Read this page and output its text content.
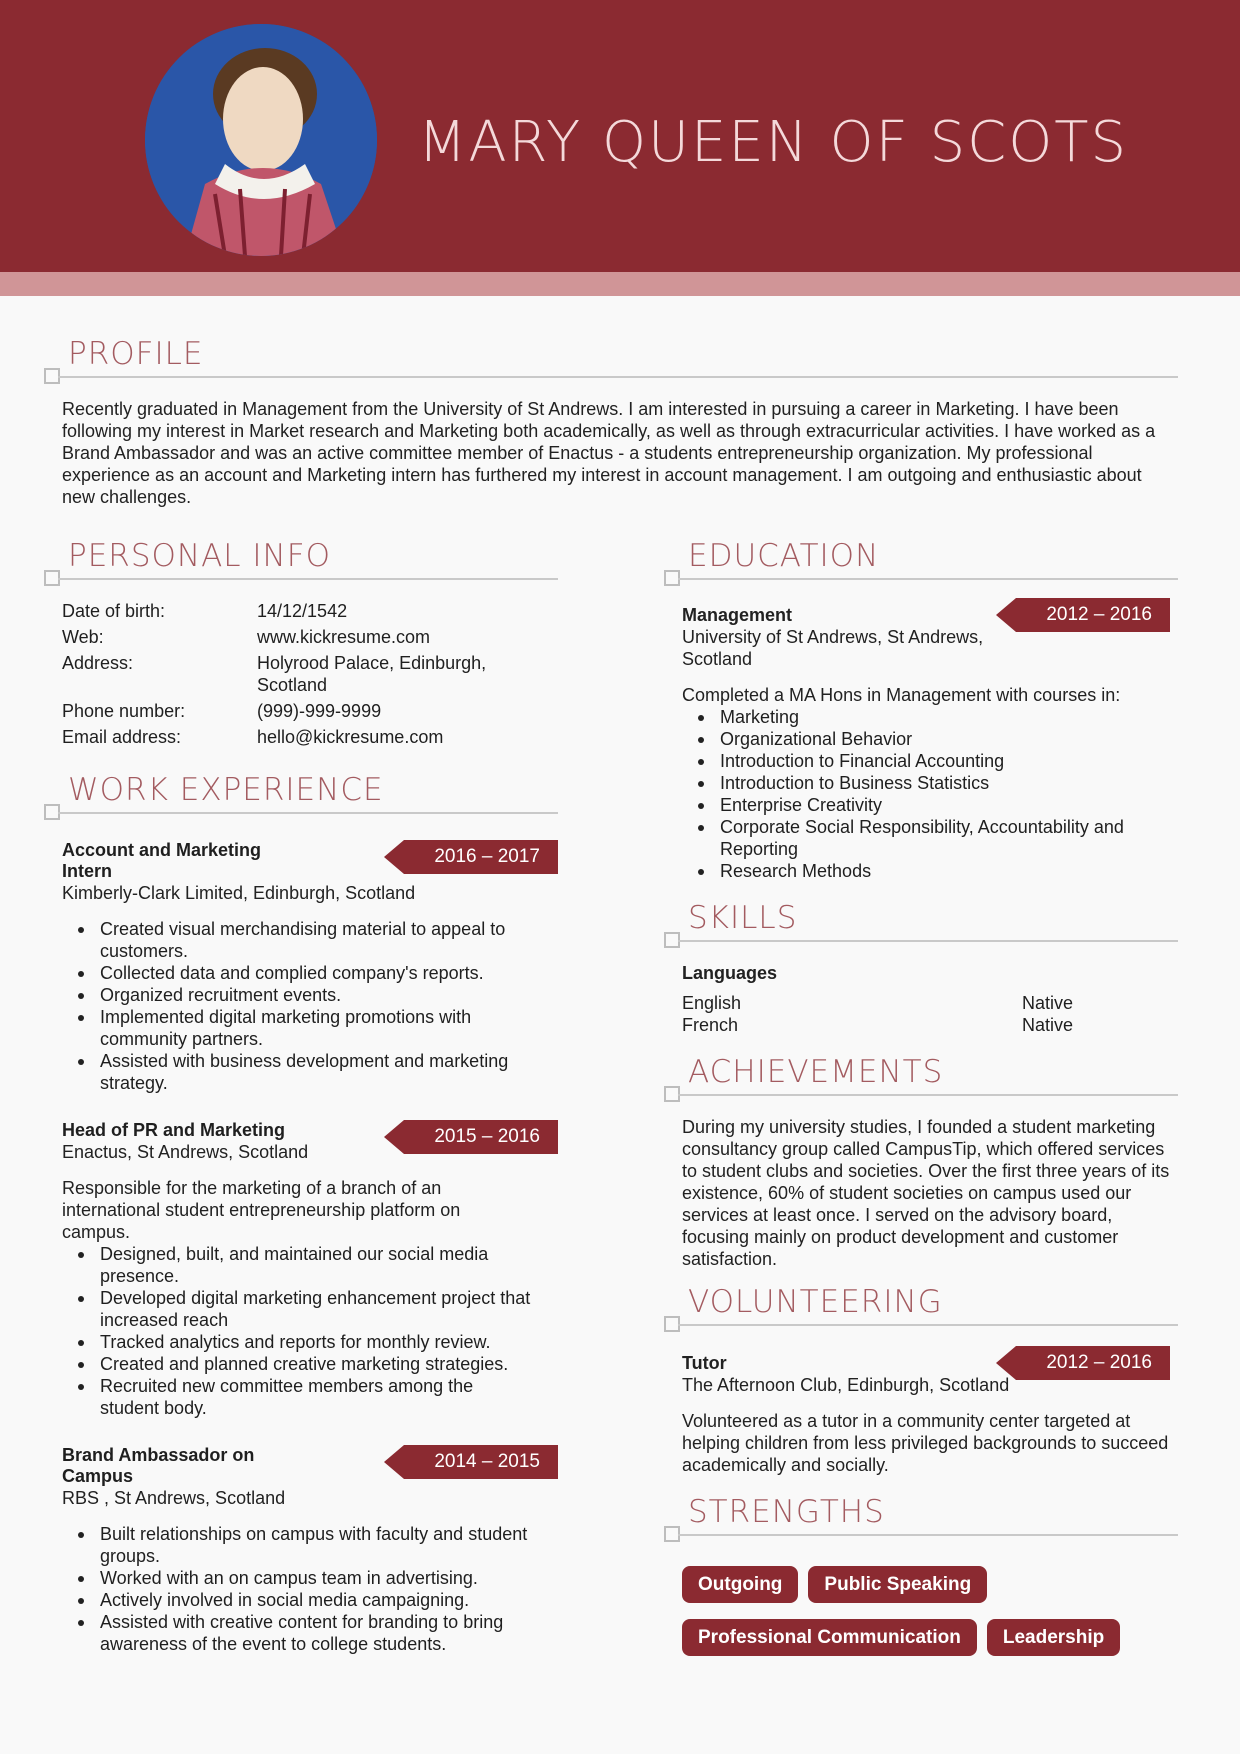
MARY QUEEN OF SCOTS
PROFILE
Recently graduated in Management from the University of St Andrews. I am interested in pursuing a career in Marketing. I have been following my interest in Market research and Marketing both academically, as well as through extracurricular activities. I have worked as a Brand Ambassador and was an active committee member of Enactus - a students entrepreneurship organization. My professional experience as an account and Marketing intern has furthered my interest in account management. I am outgoing and enthusiastic about new challenges.
PERSONAL INFO
Date of birth:	14/12/1542
Web:	www.kickresume.com
Address:	Holyrood Palace, Edinburgh, Scotland
Phone number:	(999)-999-9999
Email address:	hello@kickresume.com
WORK EXPERIENCE
2016 – 2017
Account and Marketing Intern
Kimberly-Clark Limited, Edinburgh, Scotland
Created visual merchandising material to appeal to customers.
Collected data and complied company's reports.
Organized recruitment events.
Implemented digital marketing promotions with community partners.
Assisted with business development and marketing strategy.
2015 – 2016
Head of PR and Marketing
Enactus, St Andrews, Scotland
Responsible for the marketing of a branch of an international student entrepreneurship platform on campus.
Designed, built, and maintained our social media presence.
Developed digital marketing enhancement project that increased reach
Tracked analytics and reports for monthly review.
Created and planned creative marketing strategies.
Recruited new committee members among the student body.
2014 – 2015
Brand Ambassador on Campus
RBS , St Andrews, Scotland
Built relationships on campus with faculty and student groups.
Worked with an on campus team in advertising.
Actively involved in social media campaigning.
Assisted with creative content for branding to bring awareness of the event to college students.
EDUCATION
2012 – 2016
Management
University of St Andrews, St Andrews, Scotland
Completed a MA Hons in Management with courses in:
Marketing
Organizational Behavior
Introduction to Financial Accounting
Introduction to Business Statistics
Enterprise Creativity
Corporate Social Responsibility, Accountability and Reporting
Research Methods
SKILLS
Languages
English	Native
French	Native
ACHIEVEMENTS
During my university studies, I founded a student marketing consultancy group called CampusTip, which offered services to student clubs and societies. Over the first three years of its existence, 60% of student societies on campus used our services at least once. I served on the advisory board, focusing mainly on product development and customer satisfaction.
VOLUNTEERING
2012 – 2016
Tutor
The Afternoon Club, Edinburgh, Scotland
Volunteered as a tutor in a community center targeted at helping children from less privileged backgrounds to succeed academically and socially.
STRENGTHS
Outgoing Public Speaking
Professional Communication Leadership
